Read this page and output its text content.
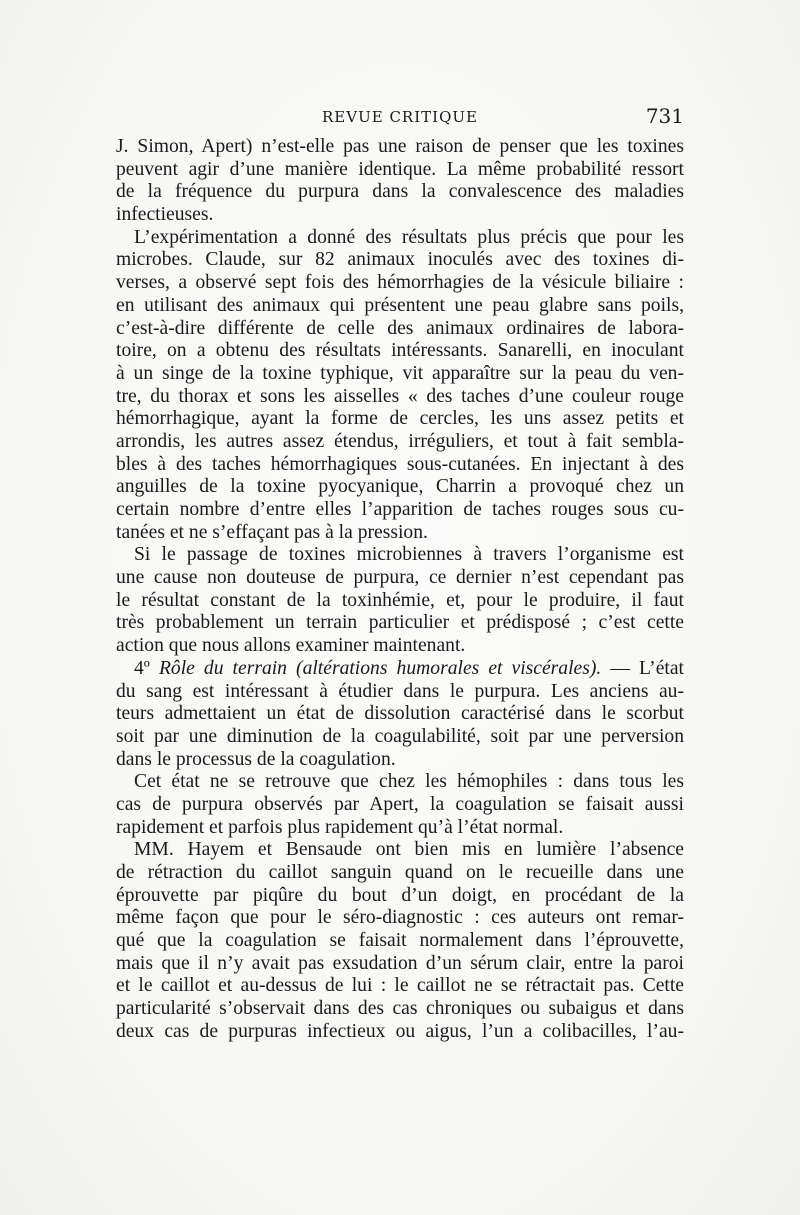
REVUE CRITIQUE	731
J. Simon, Apert) n’est-elle pas une raison de penser que les toxines
peuvent agir d’une manière identique. La même probabilité ressort
de la fréquence du purpura dans la convalescence des maladies
infectieuses.
L’expérimentation a donné des résultats plus précis que pour les
microbes. Claude, sur 82 animaux inoculés avec des toxines di-
verses, a observé sept fois des hémorrhagies de la vésicule biliaire :
en utilisant des animaux qui présentent une peau glabre sans poils,
c’est-à-dire différente de celle des animaux ordinaires de labora-
toire, on a obtenu des résultats intéressants. Sanarelli, en inoculant
à un singe de la toxine typhique, vit apparaître sur la peau du ven-
tre, du thorax et sons les aisselles « des taches d’une couleur rouge
hémorrhagique, ayant la forme de cercles, les uns assez petits et
arrondis, les autres assez étendus, irréguliers, et tout à fait sembla-
bles à des taches hémorrhagiques sous-cutanées. En injectant à des
anguilles de la toxine pyocyanique, Charrin a provoqué chez un
certain nombre d’entre elles l’apparition de taches rouges sous cu-
tanées et ne s’effaçant pas à la pression.
Si le passage de toxines microbiennes à travers l’organisme est
une cause non douteuse de purpura, ce dernier n’est cependant pas
le résultat constant de la toxinhémie, et, pour le produire, il faut
très probablement un terrain particulier et prédisposé ; c’est cette
action que nous allons examiner maintenant.
4º Rôle du terrain (altérations humorales et viscérales). — L’état
du sang est intéressant à étudier dans le purpura. Les anciens au-
teurs admettaient un état de dissolution caractérisé dans le scorbut
soit par une diminution de la coagulabilité, soit par une perversion
dans le processus de la coagulation.
Cet état ne se retrouve que chez les hémophiles : dans tous les
cas de purpura observés par Apert, la coagulation se faisait aussi
rapidement et parfois plus rapidement qu’à l’état normal.
MM. Hayem et Bensaude ont bien mis en lumière l’absence
de rétraction du caillot sanguin quand on le recueille dans une
éprouvette par piqûre du bout d’un doigt, en procédant de la
même façon que pour le séro-diagnostic : ces auteurs ont remar-
qué que la coagulation se faisait normalement dans l’éprouvette,
mais que il n’y avait pas exsudation d’un sérum clair, entre la paroi
et le caillot et au-dessus de lui : le caillot ne se rétractait pas. Cette
particularité s’observait dans des cas chroniques ou subaigus et dans
deux cas de purpuras infectieux ou aigus, l’un a colibacilles, l’au-
